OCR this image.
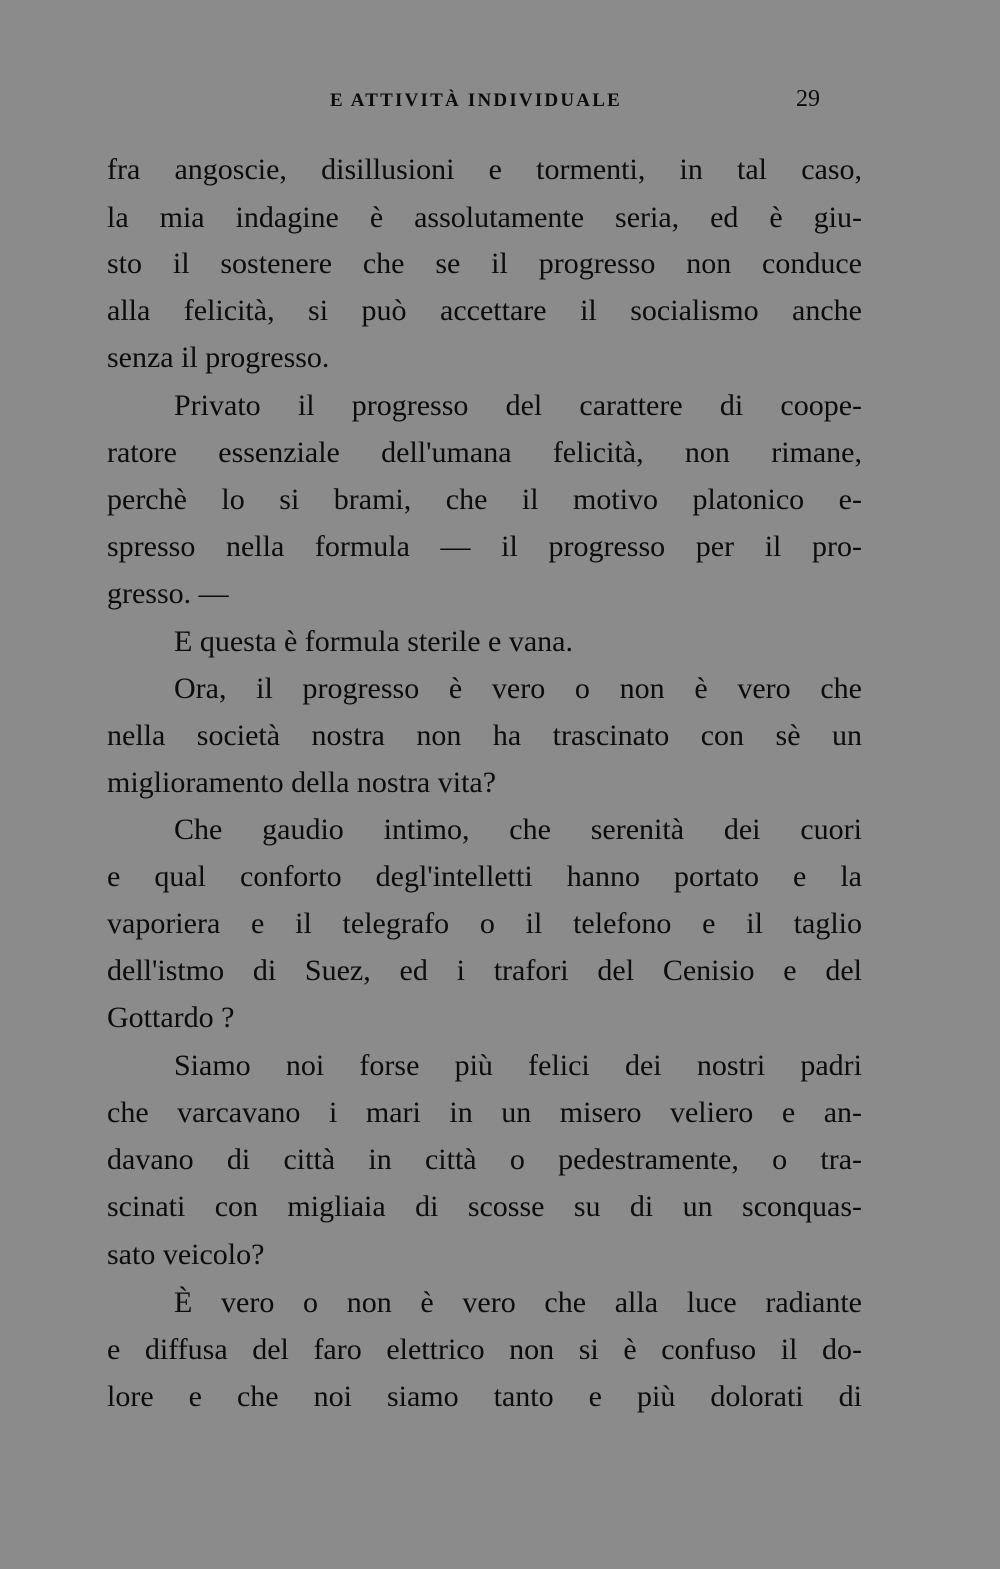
E ATTIVITÀ INDIVIDUALE	29
fra angoscie, disillusioni e tormenti, in tal caso,
la mia indagine è assolutamente seria, ed è giu-
sto il sostenere che se il progresso non conduce
alla felicità, si può accettare il socialismo anche
senza il progresso.
Privato il progresso del carattere di coope-
ratore essenziale dell'umana felicità, non rimane,
perchè lo si brami, che il motivo platonico e-
spresso nella formula — il progresso per il pro-
gresso. —
E questa è formula sterile e vana.
Ora, il progresso è vero o non è vero che
nella società nostra non ha trascinato con sè un
miglioramento della nostra vita?
Che gaudio intimo, che serenità dei cuori
e qual conforto degl'intelletti hanno portato e la
vaporiera e il telegrafo o il telefono e il taglio
dell'istmo di Suez, ed i trafori del Cenisio e del
Gottardo ?
Siamo noi forse più felici dei nostri padri
che varcavano i mari in un misero veliero e an-
davano di città in città o pedestramente, o tra-
scinati con migliaia di scosse su di un sconquas-
sato veicolo?
È vero o non è vero che alla luce radiante
e diffusa del faro elettrico non si è confuso il do-
lore e che noi siamo tanto e più dolorati di
